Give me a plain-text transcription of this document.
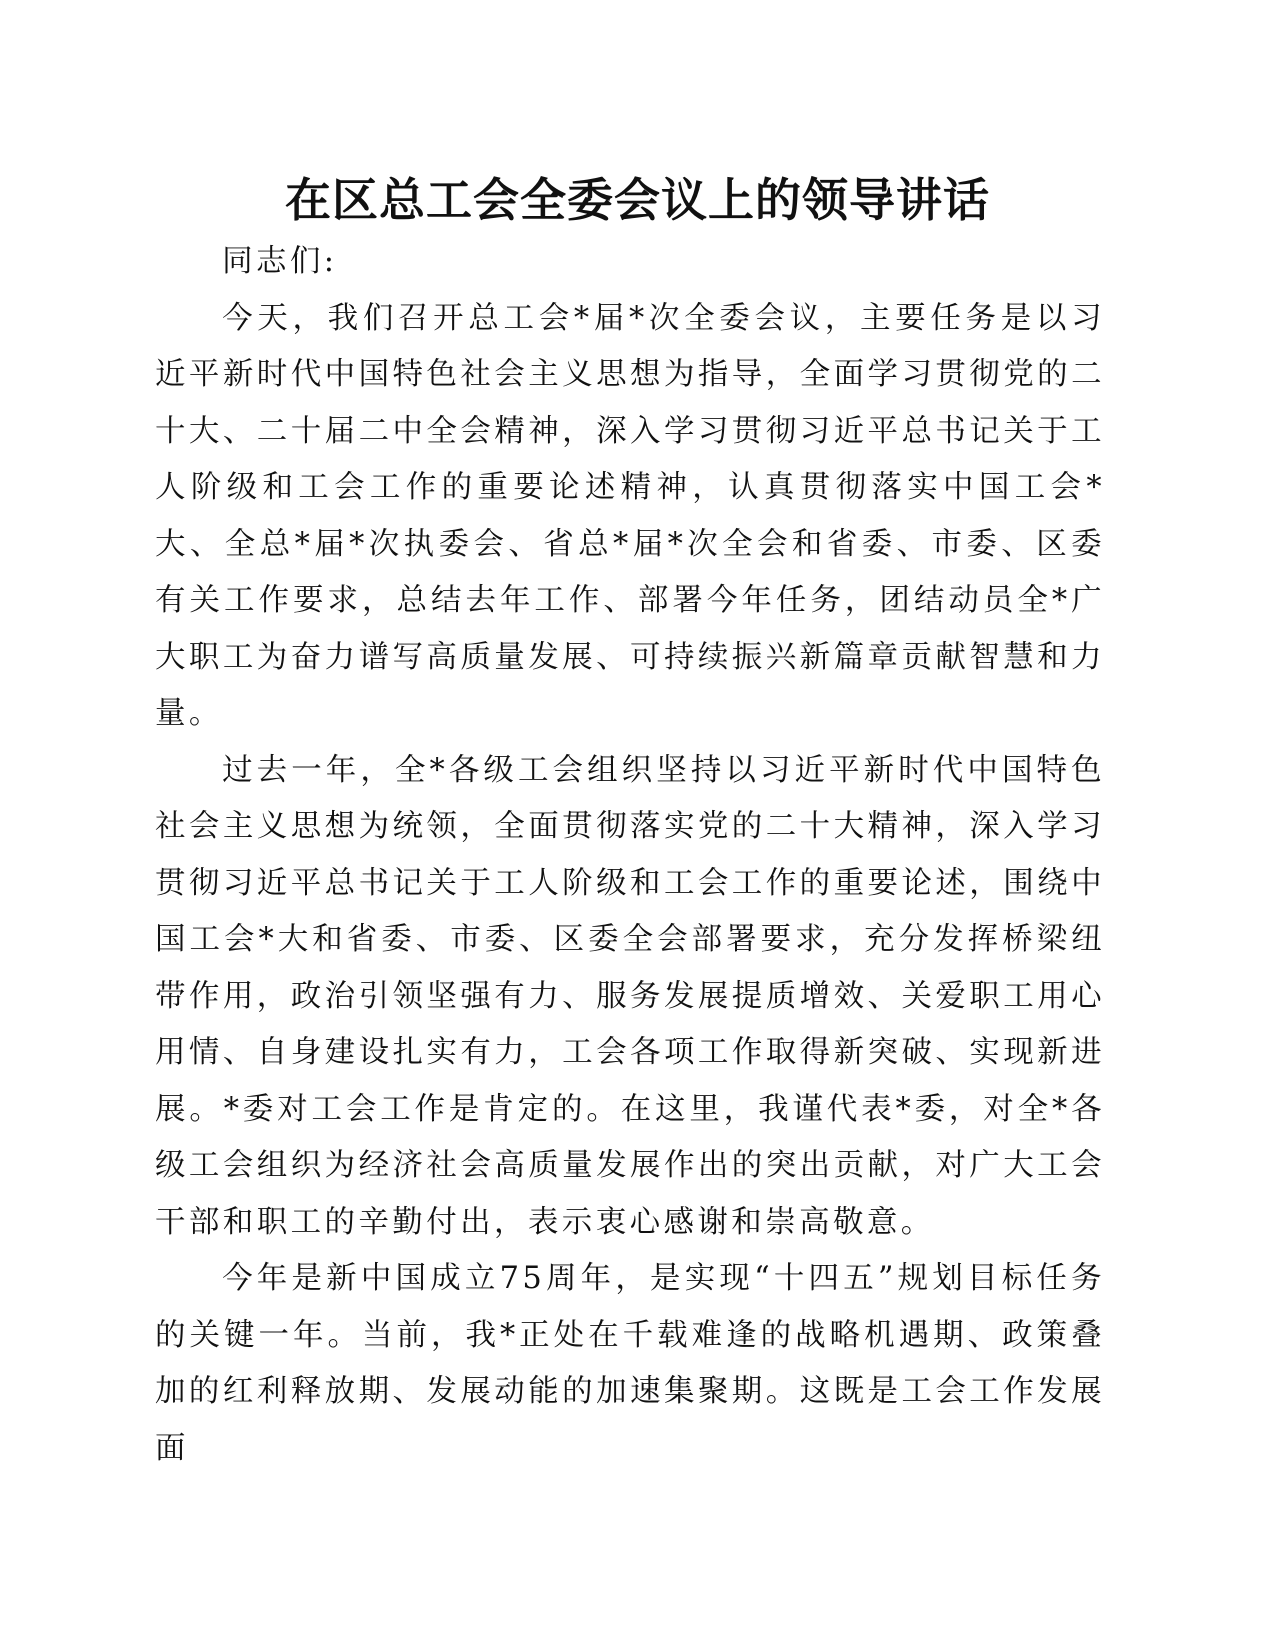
在区总工会全委会议上的领导讲话

同志们:

今天，我们召开总工会*届*次全委会议，主要任务是以习近平新时代中国特色社会主义思想为指导，全面学习贯彻党的二十大、二十届二中全会精神，深入学习贯彻习近平总书记关于工人阶级和工会工作的重要论述精神，认真贯彻落实中国工会*大、全总*届*次执委会、省总*届*次全会和省委、市委、区委有关工作要求，总结去年工作、部署今年任务，团结动员全*广大职工为奋力谱写高质量发展、可持续振兴新篇章贡献智慧和力量。

过去一年，全*各级工会组织坚持以习近平新时代中国特色社会主义思想为统领，全面贯彻落实党的二十大精神，深入学习贯彻习近平总书记关于工人阶级和工会工作的重要论述，围绕中国工会*大和省委、市委、区委全会部署要求，充分发挥桥梁纽带作用，政治引领坚强有力、服务发展提质增效、关爱职工用心用情、自身建设扎实有力，工会各项工作取得新突破、实现新进展。*委对工会工作是肯定的。在这里，我谨代表*委，对全*各级工会组织为经济社会高质量发展作出的突出贡献，对广大工会干部和职工的辛勤付出，表示衷心感谢和崇高敬意。

今年是新中国成立75周年，是实现“十四五”规划目标任务的关键一年。当前，我*正处在千载难逢的战略机遇期、政策叠加的红利释放期、发展动能的加速集聚期。这既是工会工作发展面
